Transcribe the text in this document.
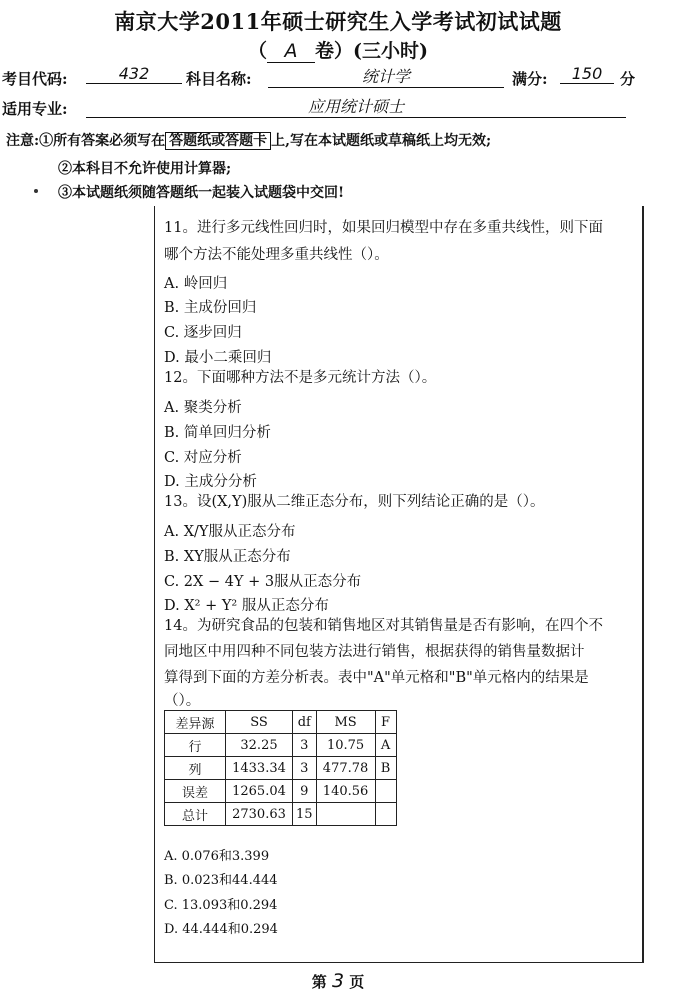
南京大学2011年硕士研究生入学考试初试试题
（ A 卷）(三小时)
考目代码:	432	科目名称:	统计学	满分:	150	分
适用专业:	应用统计硕士
注意:①所有答案必须写在 答题纸或答题卡 上,写在本试题纸或草稿纸上均无效;
②本科目不允许使用计算器;
③本试题纸须随答题纸一起装入试题袋中交回!
11。进行多元线性回归时，如果回归模型中存在多重共线性，则下面
哪个方法不能处理多重共线性（）。
A. 岭回归
B. 主成份回归
C. 逐步回归
D. 最小二乘回归
12。下面哪种方法不是多元统计方法（）。
A. 聚类分析
B. 简单回归分析
C. 对应分析
D. 主成分分析
13。设(X,Y)服从二维正态分布，则下列结论正确的是（）。
A. X/Y服从正态分布
B. XY服从正态分布
C. 2X − 4Y + 3服从正态分布
D. X² + Y² 服从正态分布
14。为研究食品的包装和销售地区对其销售量是否有影响，在四个不
同地区中用四种不同包装方法进行销售，根据获得的销售量数据计
算得到下面的方差分析表。表中"A"单元格和"B"单元格内的结果是
（）。
差异源	SS	df	MS	F
行	32.25	3	10.75	A
列	1433.34	3	477.78	B
误差	1265.04	9	140.56	
总计	2730.63	15		
A. 0.076和3.399
B. 0.023和44.444
C. 13.093和0.294
D. 44.444和0.294
第 3 页
